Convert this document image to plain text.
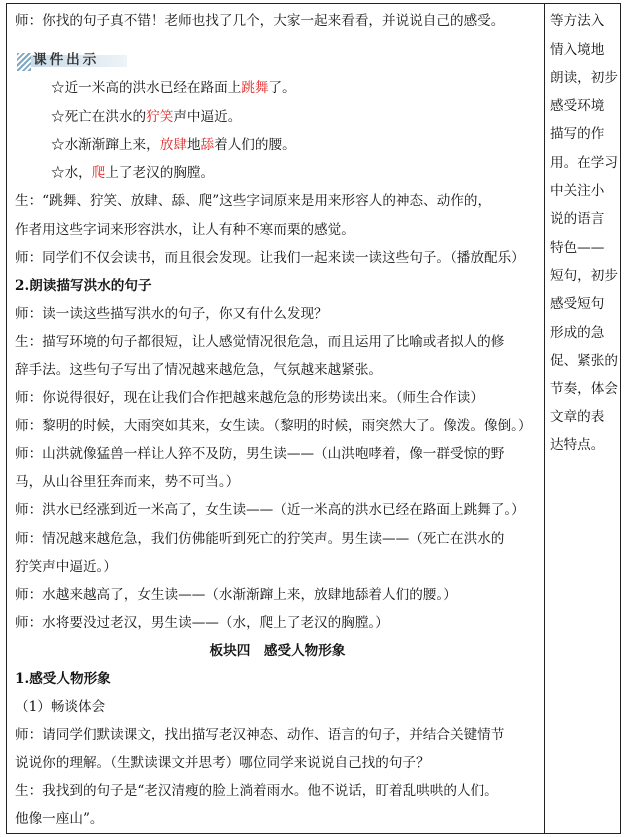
师：你找的句子真不错！老师也找了几个，大家一起来看看，并说说自己的感受。
课件出示
☆近一米高的洪水已经在路面上跳舞了。
☆死亡在洪水的狞笑声中逼近。
☆水渐渐蹿上来，放肆地舔着人们的腰。
☆水，爬上了老汉的胸膛。
生：“跳舞、狞笑、放肆、舔、爬”这些字词原来是用来形容人的神态、动作的，
作者用这些字词来形容洪水，让人有种不寒而栗的感觉。
师：同学们不仅会读书，而且很会发现。让我们一起来读一读这些句子。（播放配乐）
2.朗读描写洪水的句子
师：读一读这些描写洪水的句子，你又有什么发现？
生：描写环境的句子都很短，让人感觉情况很危急，而且运用了比喻或者拟人的修
辞手法。这些句子写出了情况越来越危急，气氛越来越紧张。
师：你说得很好，现在让我们合作把越来越危急的形势读出来。（师生合作读）
师：黎明的时候，大雨突如其来，女生读。（黎明的时候，雨突然大了。像泼。像倒。）
师：山洪就像猛兽一样让人猝不及防，男生读——（山洪咆哮着，像一群受惊的野
马，从山谷里狂奔而来，势不可当。）
师：洪水已经涨到近一米高了，女生读——（近一米高的洪水已经在路面上跳舞了。）
师：情况越来越危急，我们仿佛能听到死亡的狞笑声。男生读——（死亡在洪水的
狞笑声中逼近。）
师：水越来越高了，女生读——（水渐渐蹿上来，放肆地舔着人们的腰。）
师：水将要没过老汉，男生读——（水，爬上了老汉的胸膛。）
板块四　感受人物形象
1.感受人物形象
（1）畅谈体会
师：请同学们默读课文，找出描写老汉神态、动作、语言的句子，并结合关键情节
说说你的理解。（生默读课文并思考）哪位同学来说说自己找的句子？
生：我找到的句子是“老汉清瘦的脸上淌着雨水。他不说话，盯着乱哄哄的人们。
他像一座山”。
等方法入
情入境地
朗读，初步
感受环境
描写的作
用。在学习
中关注小
说的语言
特色——
短句，初步
感受短句
形成的急
促、紧张的
节奏，体会
文章的表
达特点。
